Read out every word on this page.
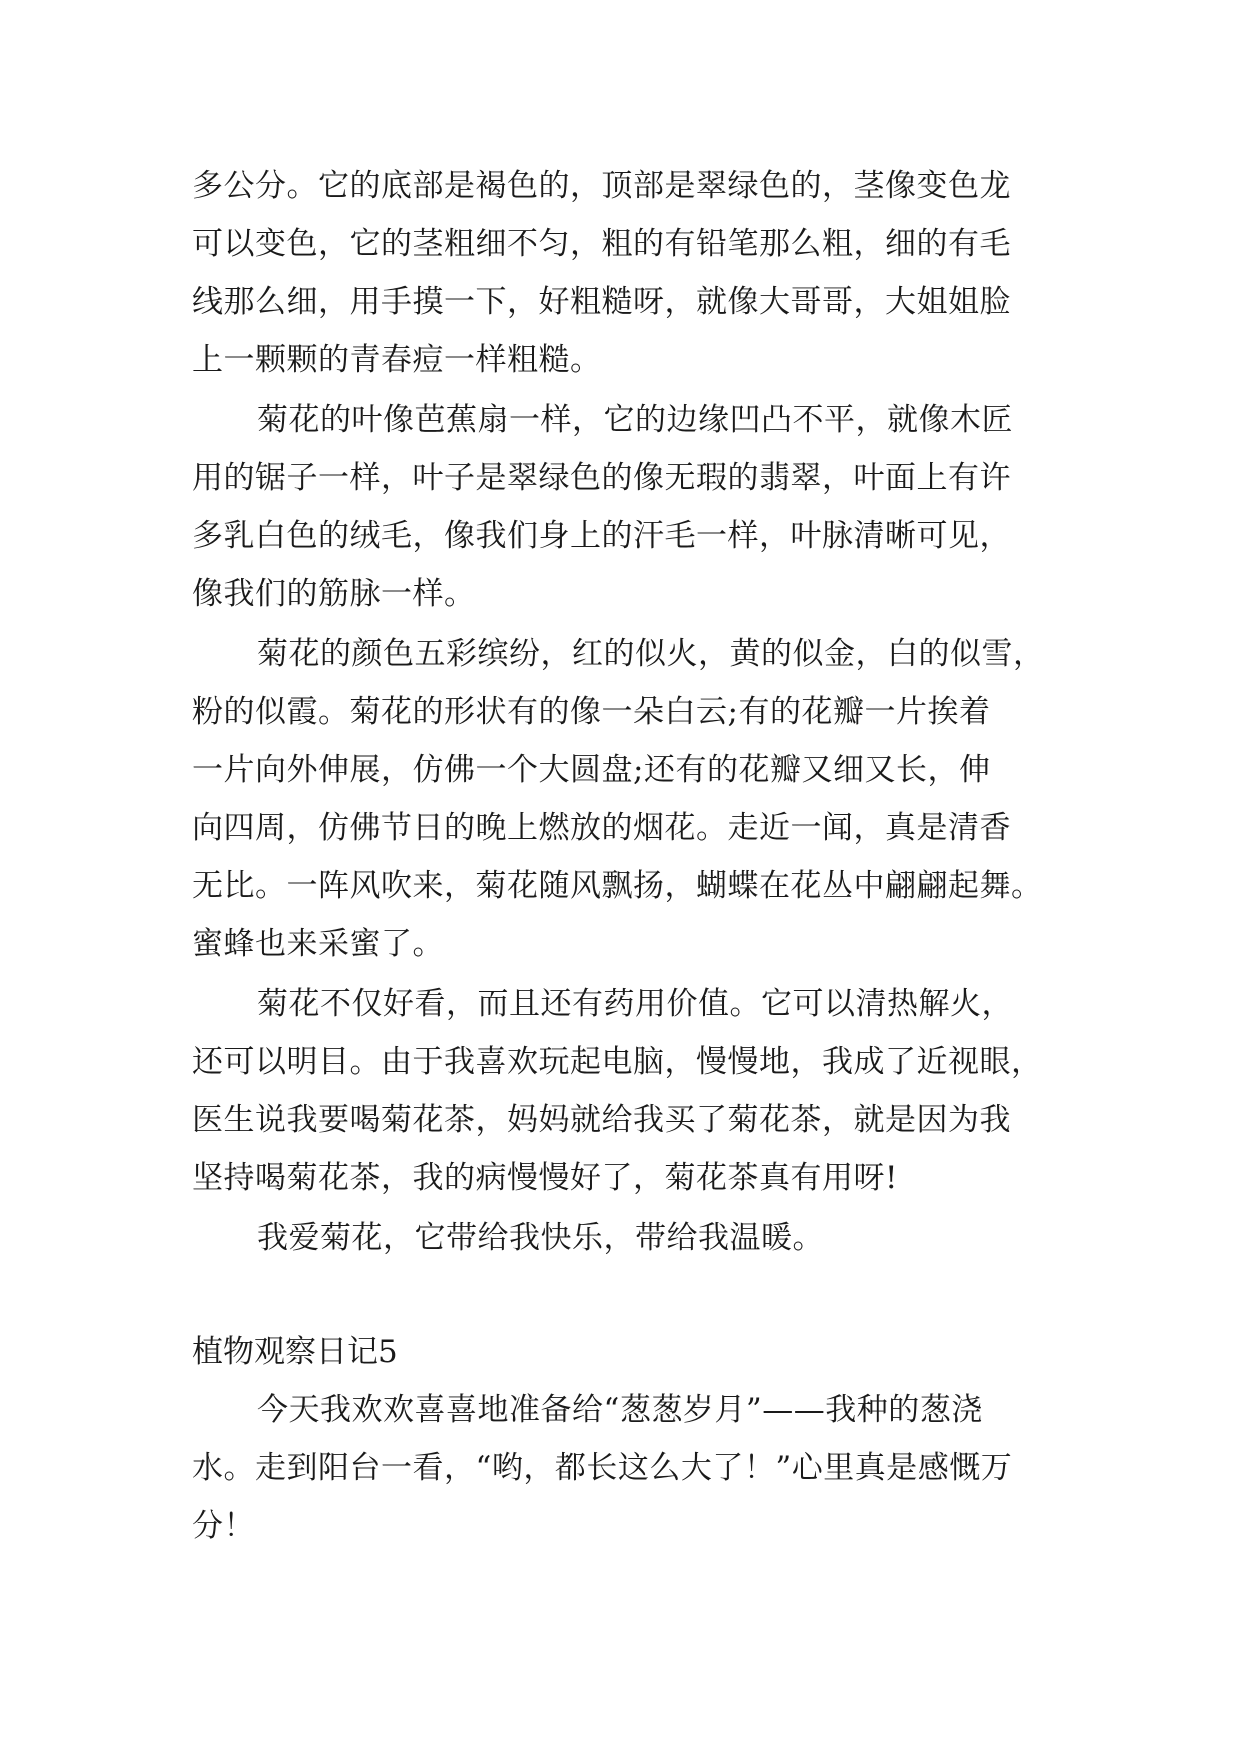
多公分。它的底部是褐色的，顶部是翠绿色的，茎像变色龙
可以变色，它的茎粗细不匀，粗的有铅笔那么粗，细的有毛
线那么细，用手摸一下，好粗糙呀，就像大哥哥，大姐姐脸
上一颗颗的青春痘一样粗糙。
菊花的叶像芭蕉扇一样，它的边缘凹凸不平，就像木匠
用的锯子一样，叶子是翠绿色的像无瑕的翡翠，叶面上有许
多乳白色的绒毛，像我们身上的汗毛一样，叶脉清晰可见，
像我们的筋脉一样。
菊花的颜色五彩缤纷，红的似火，黄的似金，白的似雪，
粉的似霞。菊花的形状有的像一朵白云;有的花瓣一片挨着
一片向外伸展，仿佛一个大圆盘;还有的花瓣又细又长，伸
向四周，仿佛节日的晚上燃放的烟花。走近一闻，真是清香
无比。一阵风吹来，菊花随风飘扬，蝴蝶在花丛中翩翩起舞。
蜜蜂也来采蜜了。
菊花不仅好看，而且还有药用价值。它可以清热解火，
还可以明目。由于我喜欢玩起电脑，慢慢地，我成了近视眼，
医生说我要喝菊花茶，妈妈就给我买了菊花茶，就是因为我
坚持喝菊花茶，我的病慢慢好了，菊花茶真有用呀!
我爱菊花，它带给我快乐，带给我温暖。
植物观察日记5
今天我欢欢喜喜地准备给“葱葱岁月”——我种的葱浇
水。走到阳台一看，“哟，都长这么大了！”心里真是感慨万
分！
